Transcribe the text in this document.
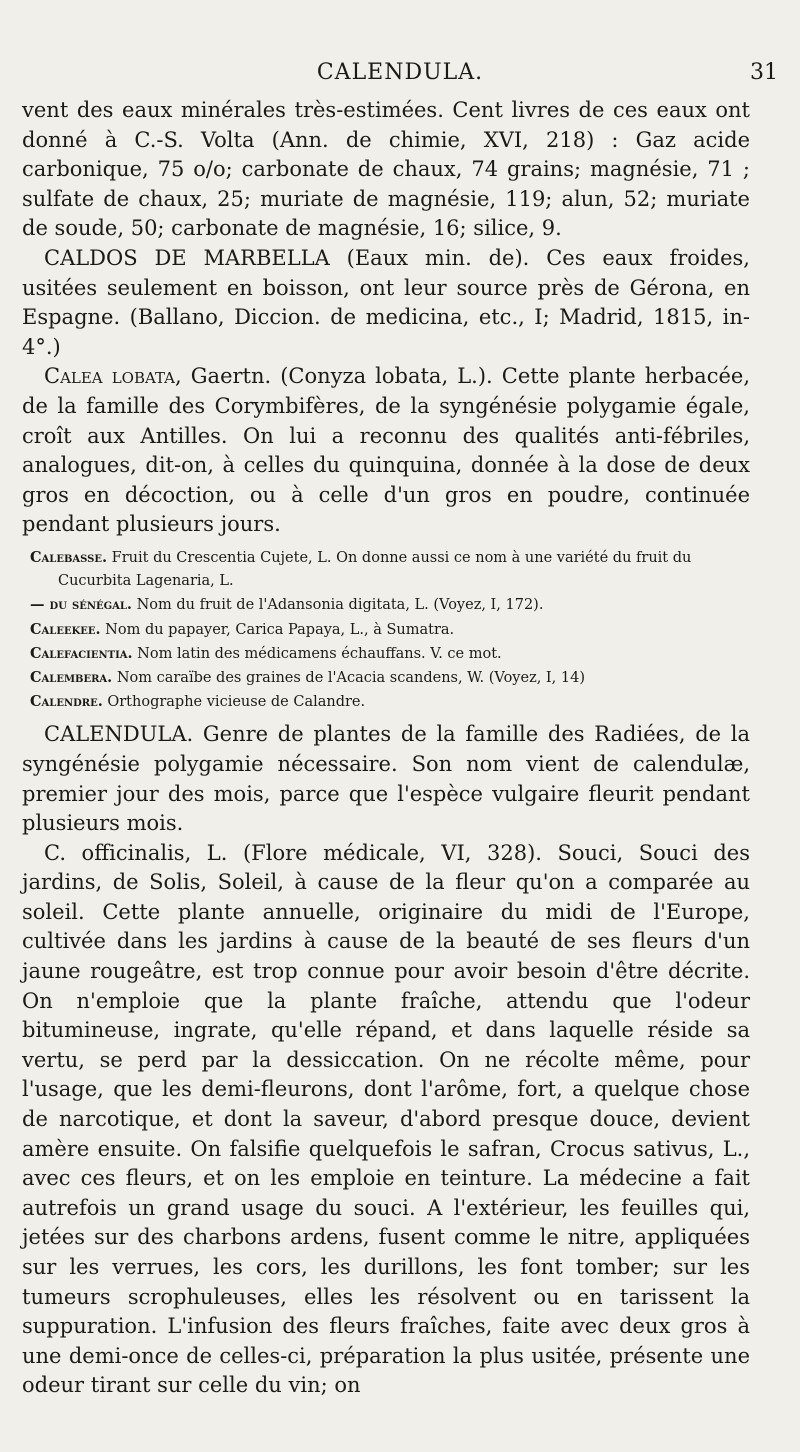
CALENDULA.	31

vent des eaux minérales très-estimées. Cent livres de ces eaux ont donné à C.-S. Volta (Ann. de chimie, XVI, 218) : Gaz acide carbonique, 75 o/o; carbonate de chaux, 74 grains; magnésie, 71 ; sulfate de chaux, 25; muriate de magnésie, 119; alun, 52; muriate de soude, 50; carbonate de magnésie, 16; silice, 9.

CALDOS DE MARBELLA (Eaux min. de). Ces eaux froides, usitées seulement en boisson, ont leur source près de Gérona, en Espagne. (Ballano, Diccion. de medicina, etc., I; Madrid, 1815, in-4°.)

Calea lobata, Gaertn. (Conyza lobata, L.). Cette plante herbacée, de la famille des Corymbifères, de la syngénésie polygamie égale, croît aux Antilles. On lui a reconnu des qualités anti-fébriles, analogues, dit-on, à celles du quinquina, donnée à la dose de deux gros en décoction, ou à celle d'un gros en poudre, continuée pendant plusieurs jours.

Calebasse. Fruit du Crescentia Cujete, L. On donne aussi ce nom à une variété du fruit du Cucurbita Lagenaria, L.

— du sénégal. Nom du fruit de l'Adansonia digitata, L. (Voyez, I, 172).

Caleekee. Nom du papayer, Carica Papaya, L., à Sumatra.

Calefacientia. Nom latin des médicamens échauffans. V. ce mot.

Calembera. Nom caraïbe des graines de l'Acacia scandens, W. (Voyez, I, 14)

Calendre. Orthographe vicieuse de Calandre.

CALENDULA. Genre de plantes de la famille des Radiées, de la syngénésie polygamie nécessaire. Son nom vient de calendulæ, premier jour des mois, parce que l'espèce vulgaire fleurit pendant plusieurs mois.

C. officinalis, L. (Flore médicale, VI, 328). Souci, Souci des jardins, de Solis, Soleil, à cause de la fleur qu'on a comparée au soleil. Cette plante annuelle, originaire du midi de l'Europe, cultivée dans les jardins à cause de la beauté de ses fleurs d'un jaune rougeâtre, est trop connue pour avoir besoin d'être décrite. On n'emploie que la plante fraîche, attendu que l'odeur bitumineuse, ingrate, qu'elle répand, et dans laquelle réside sa vertu, se perd par la dessiccation. On ne récolte même, pour l'usage, que les demi-fleurons, dont l'arôme, fort, a quelque chose de narcotique, et dont la saveur, d'abord presque douce, devient amère ensuite. On falsifie quelquefois le safran, Crocus sativus, L., avec ces fleurs, et on les emploie en teinture. La médecine a fait autrefois un grand usage du souci. A l'extérieur, les feuilles qui, jetées sur des charbons ardens, fusent comme le nitre, appliquées sur les verrues, les cors, les durillons, les font tomber; sur les tumeurs scrophuleuses, elles les résolvent ou en tarissent la suppuration. L'infusion des fleurs fraîches, faite avec deux gros à une demi-once de celles-ci, préparation la plus usitée, présente une odeur tirant sur celle du vin; on
